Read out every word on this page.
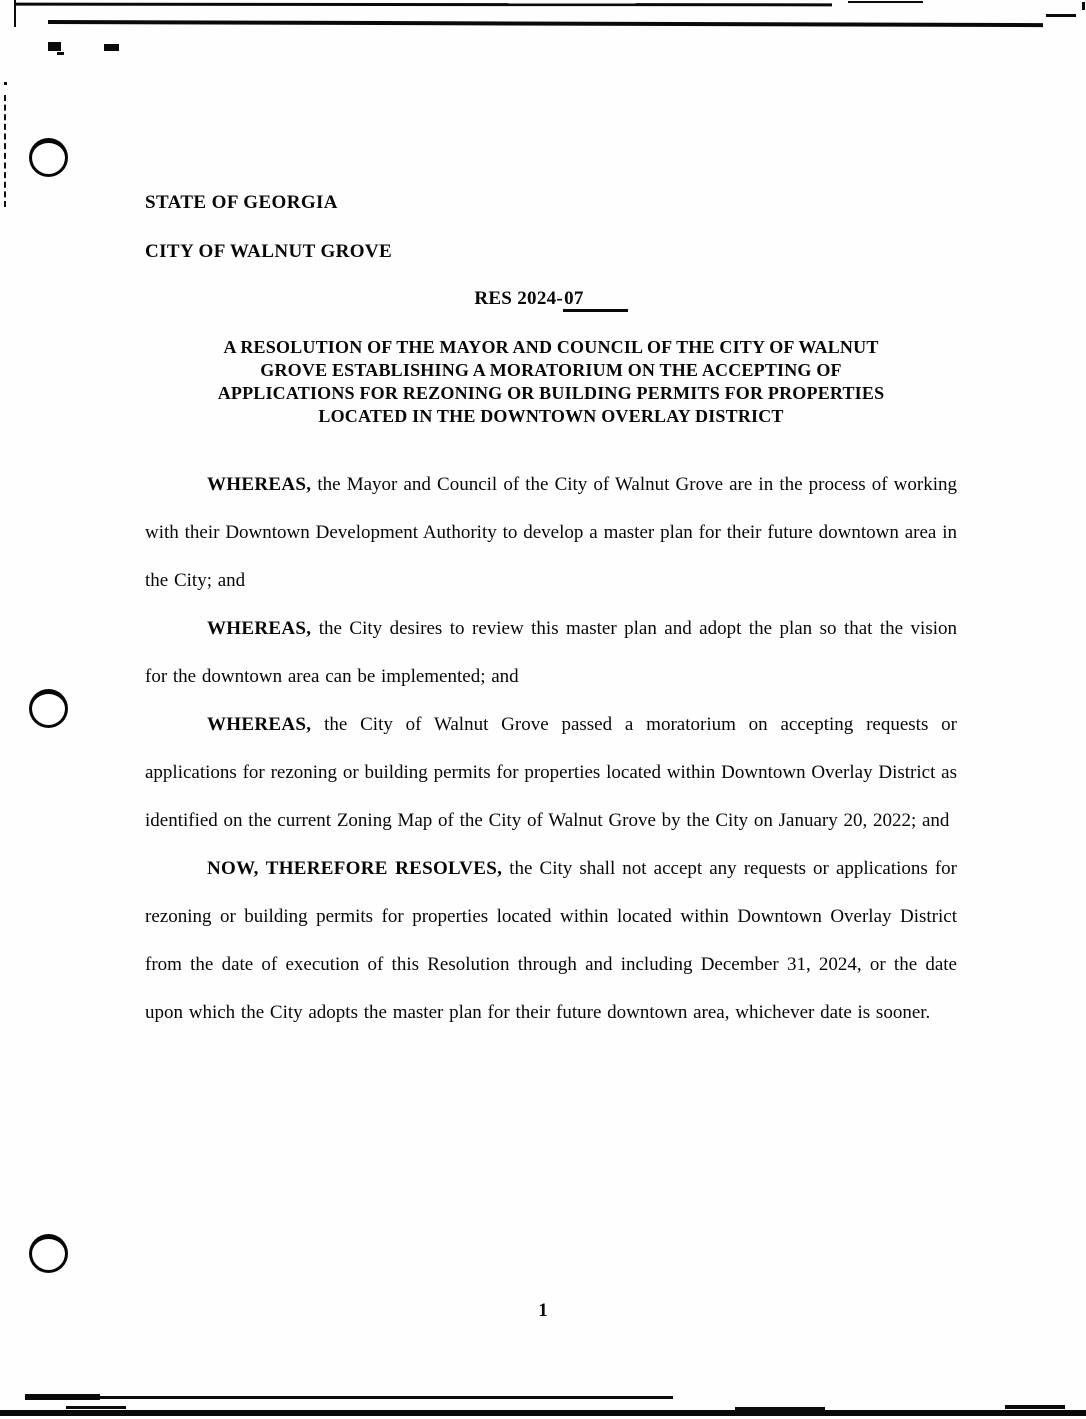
STATE OF GEORGIA
CITY OF WALNUT GROVE
RES 2024-07
A RESOLUTION OF THE MAYOR AND COUNCIL OF THE CITY OF WALNUT
GROVE ESTABLISHING A MORATORIUM ON THE ACCEPTING OF
APPLICATIONS FOR REZONING OR BUILDING PERMITS FOR PROPERTIES
LOCATED IN THE DOWNTOWN OVERLAY DISTRICT

WHEREAS, the Mayor and Council of the City of Walnut Grove are in the process of working with their Downtown Development Authority to develop a master plan for their future downtown area in the City; and

WHEREAS, the City desires to review this master plan and adopt the plan so that the vision for the downtown area can be implemented; and

WHEREAS, the City of Walnut Grove passed a moratorium on accepting requests or applications for rezoning or building permits for properties located within Downtown Overlay District as identified on the current Zoning Map of the City of Walnut Grove by the City on January 20, 2022; and

NOW, THEREFORE RESOLVES, the City shall not accept any requests or applications for rezoning or building permits for properties located within located within Downtown Overlay District from the date of execution of this Resolution through and including December 31, 2024, or the date upon which the City adopts the master plan for their future downtown area, whichever date is sooner.

1
